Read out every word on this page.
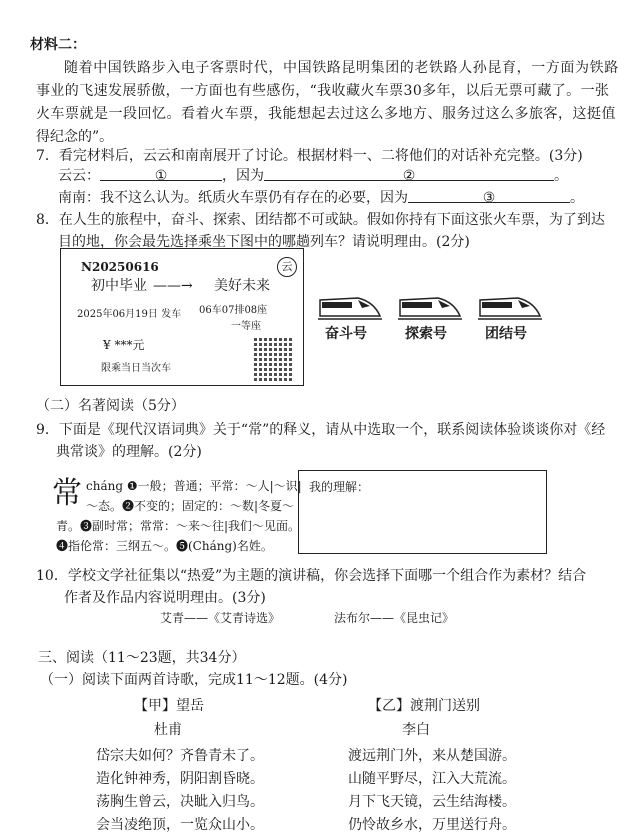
材料二：
随着中国铁路步入电子客票时代，中国铁路昆明集团的老铁路人孙昆育，一方面为铁路
事业的飞速发展骄傲，一方面也有些感伤，“我收藏火车票30多年，以后无票可藏了。一张
火车票就是一段回忆。看着火车票，我能想起去过这么多地方、服务过这么多旅客，这挺值
得纪念的”。
7．看完材料后，云云和南南展开了讨论。根据材料一、二将他们的对话补充完整。(3分)
云云：	①	，因为	②	。
南南：我不这么认为。纸质火车票仍有存在的必要，因为	③	。
8．在人生的旅程中，奋斗、探索、团结都不可或缺。假如你持有下面这张火车票，为了到达
目的地，你会最先选择乘坐下图中的哪趟列车？请说明理由。(2分)
N20250616	云
初中毕业 ——→ 美好未来
2025年06月19日 发车 06车07排08座
一等座
¥ ***元
限乘当日当次车
奋斗号	探索号	团结号
（二）名著阅读（5分）
9．下面是《现代汉语词典》关于“常”的释义，请从中选取一个，联系阅读体验谈谈你对《经
典常谈》的理解。(2分)
常 cháng ❶一般；普通；平常：～人|～识|
～态。❷不变的；固定的：～数|冬夏～
青。❸副时常；常常：～来～往|我们～见面。
❹指伦常：三纲五～。❺(Cháng)名姓。
我的理解：
10．学校文学社征集以“热爱”为主题的演讲稿，你会选择下面哪一个组合作为素材？结合
作者及作品内容说明理由。(3分)
艾青——《艾青诗选》	法布尔——《昆虫记》
三、阅读（11～23题，共34分）
（一）阅读下面两首诗歌，完成11～12题。(4分)
【甲】望岳
杜甫
岱宗夫如何？齐鲁青未了。
造化钟神秀，阴阳割昏晓。
荡胸生曾云，决眦入归鸟。
会当凌绝顶，一览众山小。
【乙】渡荆门送别
李白
渡远荆门外，来从楚国游。
山随平野尽，江入大荒流。
月下飞天镜，云生结海楼。
仍怜故乡水，万里送行舟。
